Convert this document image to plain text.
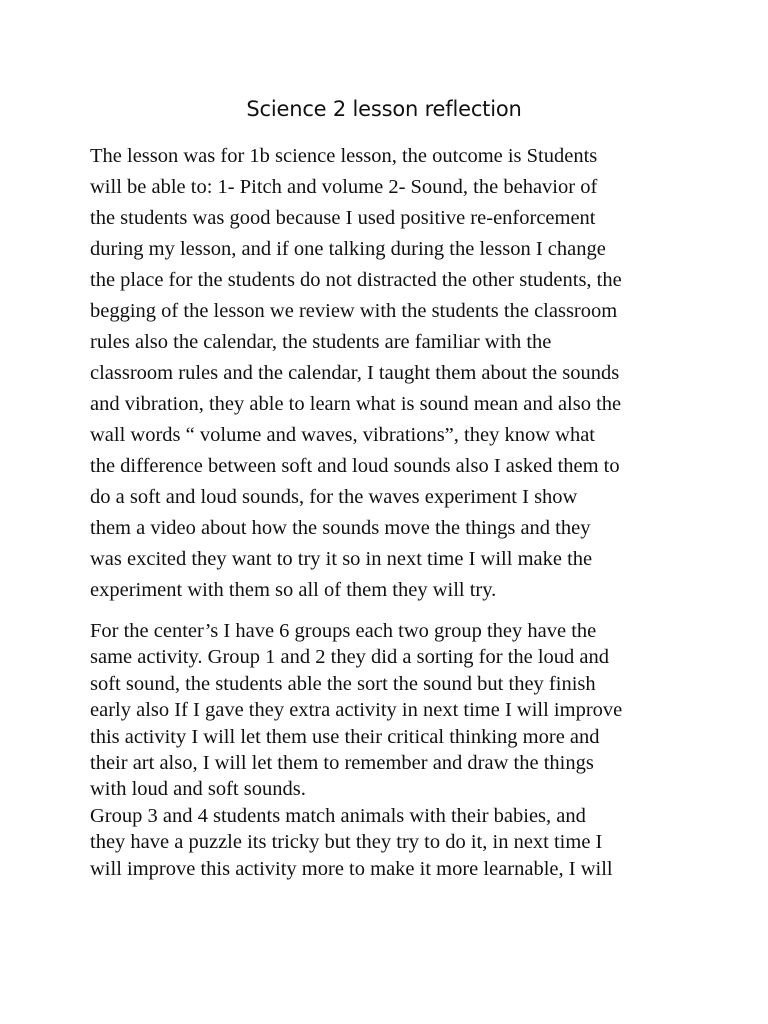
Science 2 lesson reflection

The lesson was for 1b science lesson, the outcome is Students
will be able to: 1- Pitch and volume 2- Sound, the behavior of
the students was good because I used positive re-enforcement
during my lesson, and if one talking during the lesson I change
the place for the students do not distracted the other students, the
begging of the lesson we review with the students the classroom
rules also the calendar, the students are familiar with the
classroom rules and the calendar, I taught them about the sounds
and vibration, they able to learn what is sound mean and also the
wall words “ volume and waves, vibrations”, they know what
the difference between soft and loud sounds also I asked them to
do a soft and loud sounds, for the waves experiment I show
them a video about how the sounds move the things and they
was excited they want to try it so in next time I will make the
experiment with them so all of them they will try.

For the center’s I have 6 groups each two group they have the
same activity. Group 1 and 2 they did a sorting for the loud and
soft sound, the students able the sort the sound but they finish
early also If I gave they extra activity in next time I will improve
this activity I will let them use their critical thinking more and
their art also, I will let them to remember and draw the things
with loud and soft sounds.
Group 3 and 4 students match animals with their babies, and
they have a puzzle its tricky but they try to do it, in next time I
will improve this activity more to make it more learnable, I will
